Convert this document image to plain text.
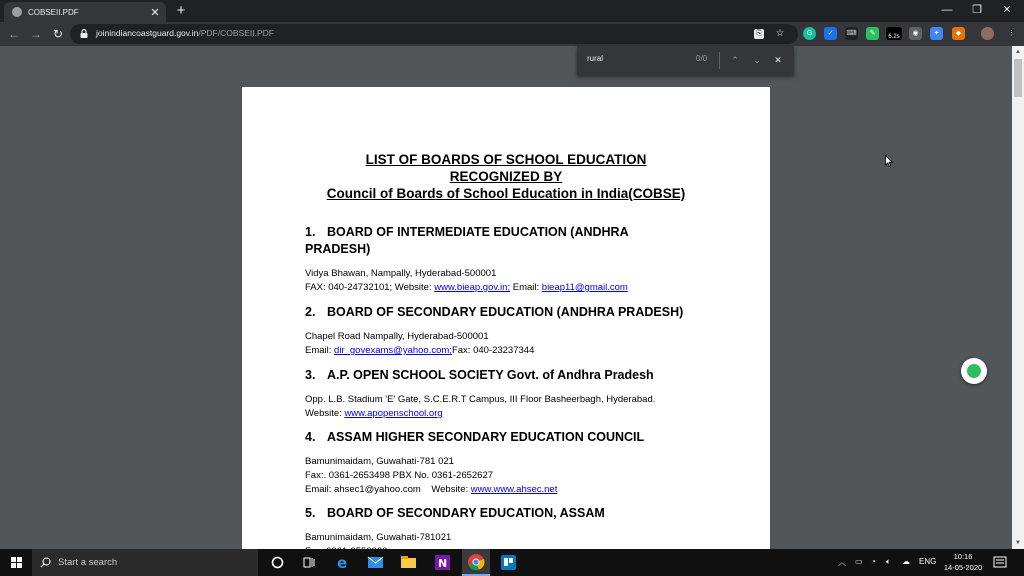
COBSEII.PDF	✕ +	—	❐	✕
← → ↻	joinindiancoastguard.gov.in/PDF/COBSEII.PDF	⎘ ☆	G	✓	⌨	✎	6.2s	◉	✦	◆	⋮
LIST OF BOARDS OF SCHOOL EDUCATION
RECOGNIZED BY
Council of Boards of School Education in India(COBSE)
1. BOARD OF INTERMEDIATE EDUCATION (ANDHRA PRADESH)
Vidya Bhawan, Nampally, Hyderabad-500001
FAX: 040-24732101; Website: www.bieap.gov.in; Email: bieap11@gmail.com
2. BOARD OF SECONDARY EDUCATION (ANDHRA PRADESH)
Chapel Road Nampally, Hyderabad-500001
Email: dir_govexams@yahoo.com;Fax: 040-23237344
3. A.P. OPEN SCHOOL SOCIETY Govt. of Andhra Pradesh
Opp. L.B. Stadium 'E' Gate, S.C.E.R.T Campus, III Floor Basheerbagh, Hyderabad.
Website: www.apopenschool.org
4. ASSAM HIGHER SECONDARY EDUCATION COUNCIL
Bamunimaidam, Guwahati-781 021
Fax:. 0361-2653498 PBX No. 0361-2652627
Email: ahsec1@yahoo.com    Website: www.www.ahsec.net
5. BOARD OF SECONDARY EDUCATION, ASSAM
Bamunimaidam, Guwahati-781021
▲
▼
rural	0/0	⌃	⌄	✕
Start a search	e	N	︿ ▭ ◔ 🔈︎ ☁ ENG
10:16
14-05-2020
